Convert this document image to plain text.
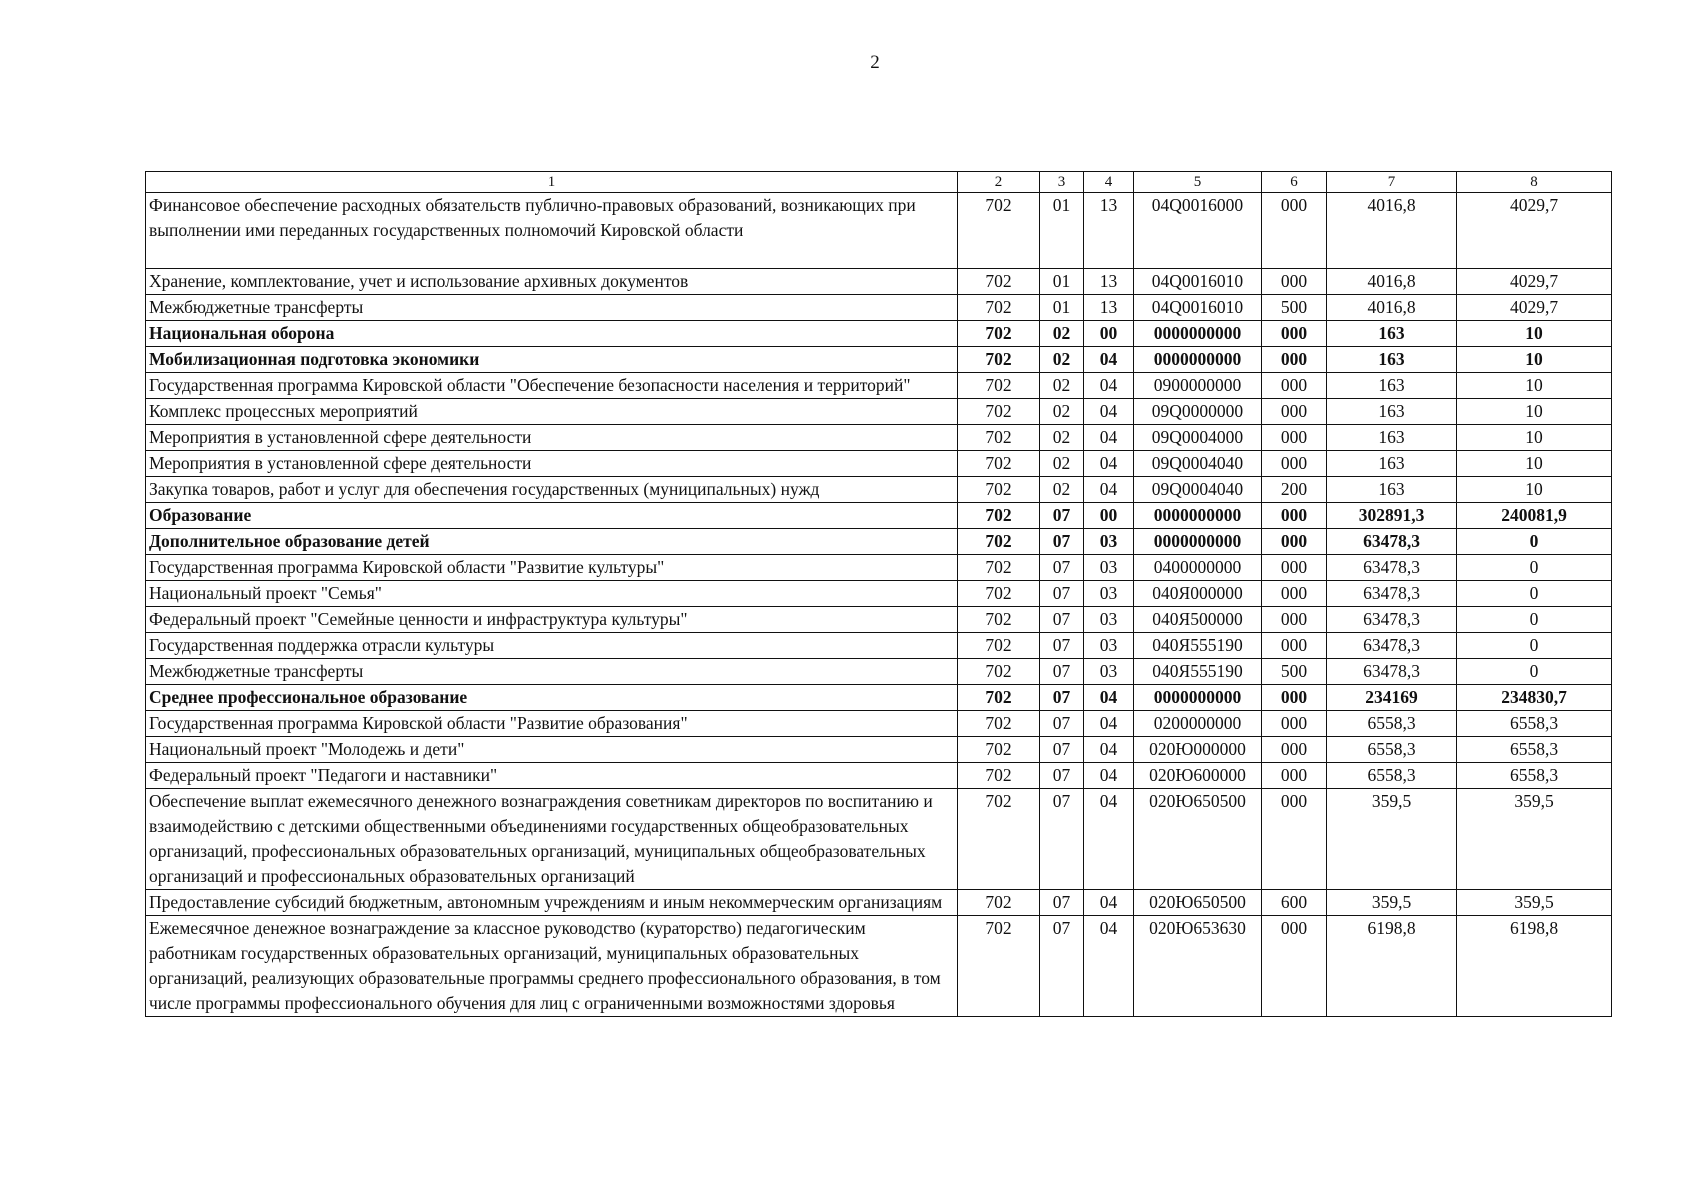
2
1	2	3	4	5	6	7	8
Финансовое обеспечение расходных обязательств публично-правовых образований, возникающих при выполнении ими переданных государственных полномочий Кировской области	702	01	13	04Q0016000	000	4016,8	4029,7
Хранение, комплектование, учет и использование архивных документов	702	01	13	04Q0016010	000	4016,8	4029,7
Межбюджетные трансферты	702	01	13	04Q0016010	500	4016,8	4029,7
Национальная оборона	702	02	00	0000000000	000	163	10
Мобилизационная подготовка экономики	702	02	04	0000000000	000	163	10
Государственная программа Кировской области "Обеспечение безопасности населения и территорий"	702	02	04	0900000000	000	163	10
Комплекс процессных мероприятий	702	02	04	09Q0000000	000	163	10
Мероприятия в установленной сфере деятельности	702	02	04	09Q0004000	000	163	10
Мероприятия в установленной сфере деятельности	702	02	04	09Q0004040	000	163	10
Закупка товаров, работ и услуг для обеспечения государственных (муниципальных) нужд	702	02	04	09Q0004040	200	163	10
Образование	702	07	00	0000000000	000	302891,3	240081,9
Дополнительное образование детей	702	07	03	0000000000	000	63478,3	0
Государственная программа Кировской области "Развитие культуры"	702	07	03	0400000000	000	63478,3	0
Национальный проект "Семья"	702	07	03	040Я000000	000	63478,3	0
Федеральный проект "Семейные ценности и инфраструктура культуры"	702	07	03	040Я500000	000	63478,3	0
Государственная поддержка отрасли культуры	702	07	03	040Я555190	000	63478,3	0
Межбюджетные трансферты	702	07	03	040Я555190	500	63478,3	0
Среднее профессиональное образование	702	07	04	0000000000	000	234169	234830,7
Государственная программа Кировской области "Развитие образования"	702	07	04	0200000000	000	6558,3	6558,3
Национальный проект "Молодежь и дети"	702	07	04	020Ю000000	000	6558,3	6558,3
Федеральный проект "Педагоги и наставники"	702	07	04	020Ю600000	000	6558,3	6558,3
Обеспечение выплат ежемесячного денежного вознаграждения советникам директоров по воспитанию и взаимодействию с детскими общественными объединениями государственных общеобразовательных организаций, профессиональных образовательных организаций, муниципальных общеобразовательных организаций и профессиональных образовательных организаций	702	07	04	020Ю650500	000	359,5	359,5
Предоставление субсидий бюджетным, автономным учреждениям и иным некоммерческим организациям	702	07	04	020Ю650500	600	359,5	359,5
Ежемесячное денежное вознаграждение за классное руководство (кураторство) педагогическим работникам государственных образовательных организаций, муниципальных образовательных организаций, реализующих образовательные программы среднего профессионального образования, в том числе программы профессионального обучения для лиц с ограниченными возможностями здоровья	702	07	04	020Ю653630	000	6198,8	6198,8
